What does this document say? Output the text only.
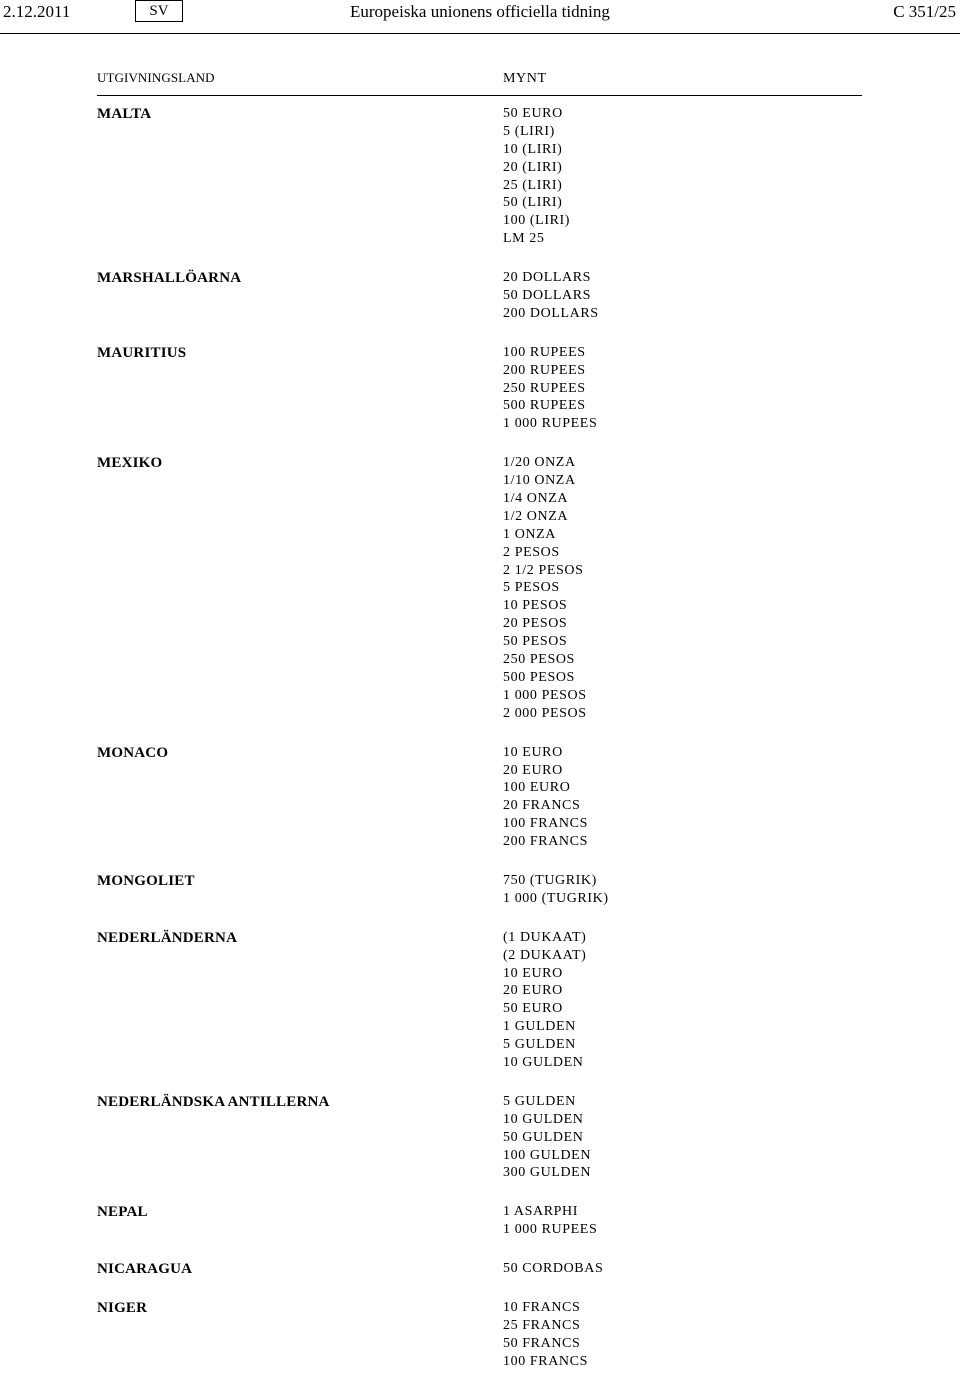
2.12.2011	SV	Europeiska unionens officiella tidning	C 351/25
UTGIVNINGSLAND	MYNT
MALTA	50 EURO
5 (LIRI)
10 (LIRI)
20 (LIRI)
25 (LIRI)
50 (LIRI)
100 (LIRI)
LM 25
MARSHALLÖARNA	20 DOLLARS
50 DOLLARS
200 DOLLARS
MAURITIUS	100 RUPEES
200 RUPEES
250 RUPEES
500 RUPEES
1 000 RUPEES
MEXIKO	1/20 ONZA
1/10 ONZA
1/4 ONZA
1/2 ONZA
1 ONZA
2 PESOS
2 1/2 PESOS
5 PESOS
10 PESOS
20 PESOS
50 PESOS
250 PESOS
500 PESOS
1 000 PESOS
2 000 PESOS
MONACO	10 EURO
20 EURO
100 EURO
20 FRANCS
100 FRANCS
200 FRANCS
MONGOLIET	750 (TUGRIK)
1 000 (TUGRIK)
NEDERLÄNDERNA	(1 DUKAAT)
(2 DUKAAT)
10 EURO
20 EURO
50 EURO
1 GULDEN
5 GULDEN
10 GULDEN
NEDERLÄNDSKA ANTILLERNA	5 GULDEN
10 GULDEN
50 GULDEN
100 GULDEN
300 GULDEN
NEPAL	1 ASARPHI
1 000 RUPEES
NICARAGUA	50 CORDOBAS
NIGER	10 FRANCS
25 FRANCS
50 FRANCS
100 FRANCS
